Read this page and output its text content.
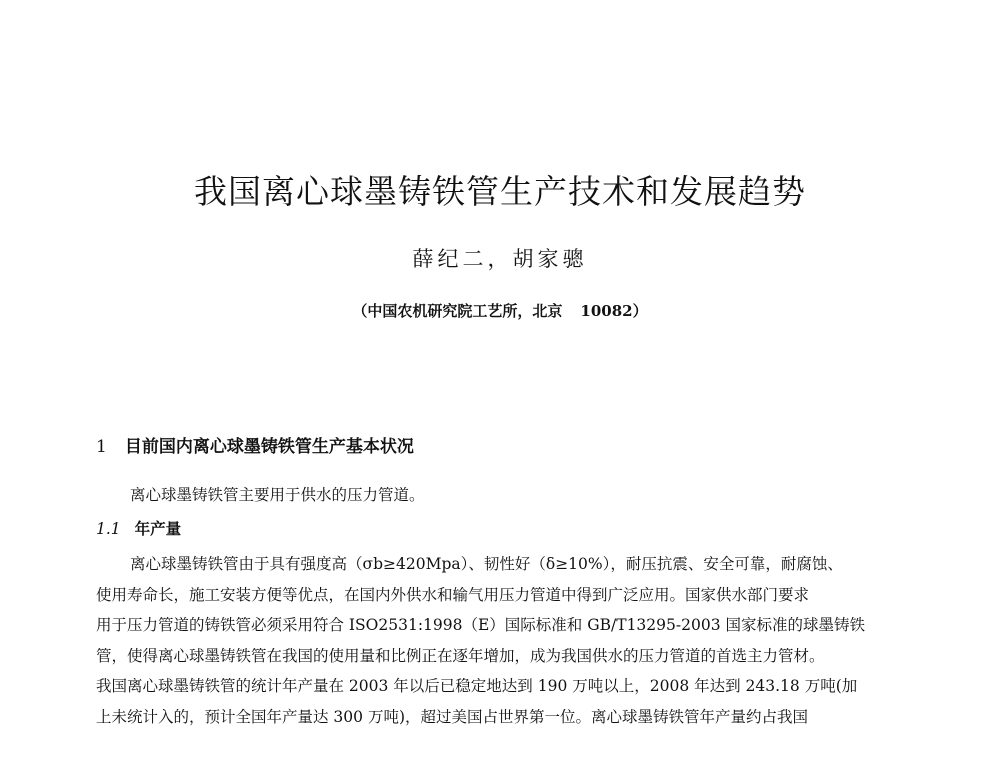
我国离心球墨铸铁管生产技术和发展趋势
薛纪二，胡家骢
（中国农机研究院工艺所，北京 10082）
1 目前国内离心球墨铸铁管生产基本状况
离心球墨铸铁管主要用于供水的压力管道。
1.1 年产量
离心球墨铸铁管由于具有强度高（σb≥420Mpa）、韧性好（δ≥10%），耐压抗震、安全可靠，耐腐蚀、
使用寿命长，施工安装方便等优点，在国内外供水和输气用压力管道中得到广泛应用。国家供水部门要求
用于压力管道的铸铁管必须采用符合 ISO2531:1998（E）国际标准和 GB/T13295-2003 国家标准的球墨铸铁
管，使得离心球墨铸铁管在我国的使用量和比例正在逐年增加，成为我国供水的压力管道的首选主力管材。
我国离心球墨铸铁管的统计年产量在 2003 年以后已稳定地达到 190 万吨以上，2008 年达到 243.18 万吨(加
上未统计入的，预计全国年产量达 300 万吨)，超过美国占世界第一位。离心球墨铸铁管年产量约占我国
